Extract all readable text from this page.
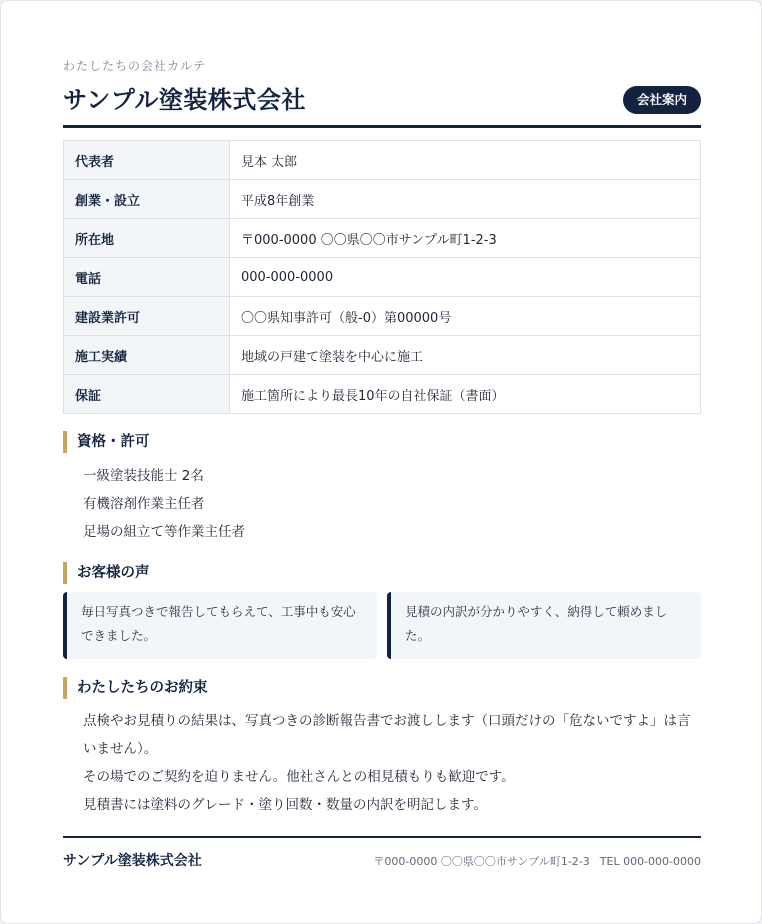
わたしたちの会社カルテ
サンプル塗装株式会社	会社案内
代表者	見本 太郎
創業・設立	平成8年創業
所在地	〒000-0000 〇〇県〇〇市サンプル町1-2-3
電話	000-000-0000
建設業許可	〇〇県知事許可（般-0）第00000号
施工実績	地域の戸建て塗装を中心に施工
保証	施工箇所により最長10年の自社保証（書面）
資格・許可
一級塗装技能士 2名
有機溶剤作業主任者
足場の組立て等作業主任者
お客様の声
毎日写真つきで報告してもらえて、工事中も安心できました。
見積の内訳が分かりやすく、納得して頼めました。
わたしたちのお約束

点検やお見積りの結果は、写真つきの診断報告書でお渡しします（口頭だけの「危ないですよ」は言いません）。

その場でのご契約を迫りません。他社さんとの相見積もりも歓迎です。

見積書には塗料のグレード・塗り回数・数量の内訳を明記します。

サンプル塗装株式会社	〒000-0000 〇〇県〇〇市サンプル町1-2-3 TEL 000-000-0000
